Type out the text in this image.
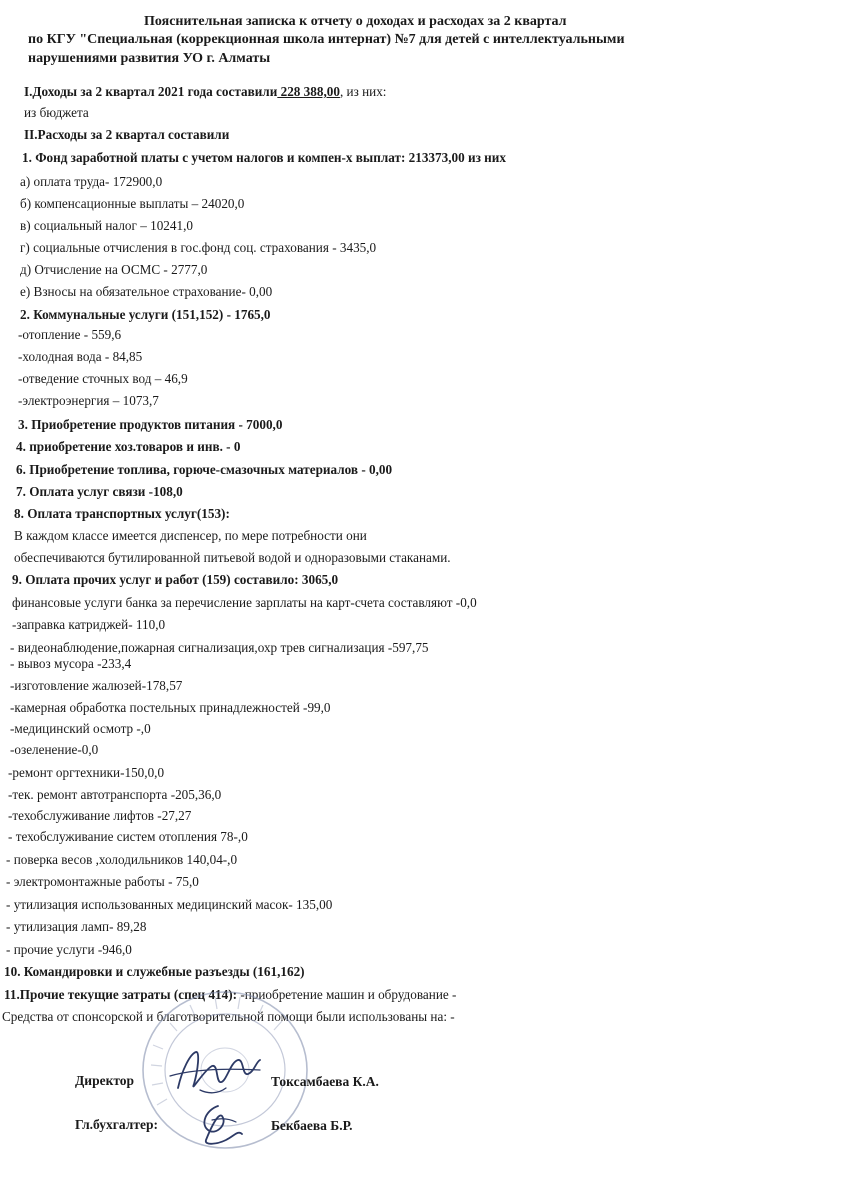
Пояснительная записка к отчету о доходах и расходах за 2 квартал
по КГУ "Специальная (коррекционная школа интернат) №7 для детей с интеллектуальными
нарушениями развития УО г. Алматы
I.Доходы за 2 квартал 2021 года составили 228 388,00, из них:
из бюджета
II.Расходы за 2 квартал составили
1. Фонд заработной платы с учетом налогов и компен-х выплат: 213373,00 из них
а) оплата труда- 172900,0
б) компенсационные выплаты – 24020,0
в) социальный налог – 10241,0
г) социальные отчисления в гос.фонд соц. страхования - 3435,0
д) Отчисление на ОСМС - 2777,0
е) Взносы на обязательное страхование- 0,00
2. Коммунальные услуги (151,152) - 1765,0
-отопление - 559,6
-холодная вода - 84,85
-отведение сточных вод – 46,9
-электроэнергия – 1073,7
3. Приобретение продуктов питания - 7000,0
4. приобретение хоз.товаров и инв. - 0
6. Приобретение топлива, горюче-смазочных материалов - 0,00
7. Оплата услуг связи -108,0
8. Оплата транспортных услуг(153):
В каждом классе имеется диспенсер, по мере потребности они
обеспечиваются бутилированной питьевой водой и одноразовыми стаканами.
9. Оплата прочих услуг и работ (159) составило: 3065,0
финансовые услуги банка за перечисление зарплаты на карт-счета составляют -0,0
-заправка катриджей- 110,0
- видеонаблюдение,пожарная сигнализация,охр трев сигнализация -597,75
- вывоз мусора -233,4
-изготовление жалюзей-178,57
-камерная обработка постельных принадлежностей -99,0
-медицинский осмотр -,0
-озеленение-0,0
-ремонт оргтехники-150,0,0
-тек. ремонт автотранспорта -205,36,0
-техобслуживание лифтов -27,27
- техобслуживание систем отопления 78-,0
- поверка весов ,холодильников 140,04-,0
- электромонтажные работы - 75,0
- утилизация использованных медицинский масок- 135,00
- утилизация ламп- 89,28
- прочие услуги -946,0
10. Командировки и служебные разъезды (161,162)
11.Прочие текущие затраты (спец 414): -приобретение машин и обрудование -
Средства от спонсорской и благотворительной помощи были использованы на: -
Директор	Токсамбаева К.А.
Гл.бухгалтер:	Бекбаева Б.Р.
